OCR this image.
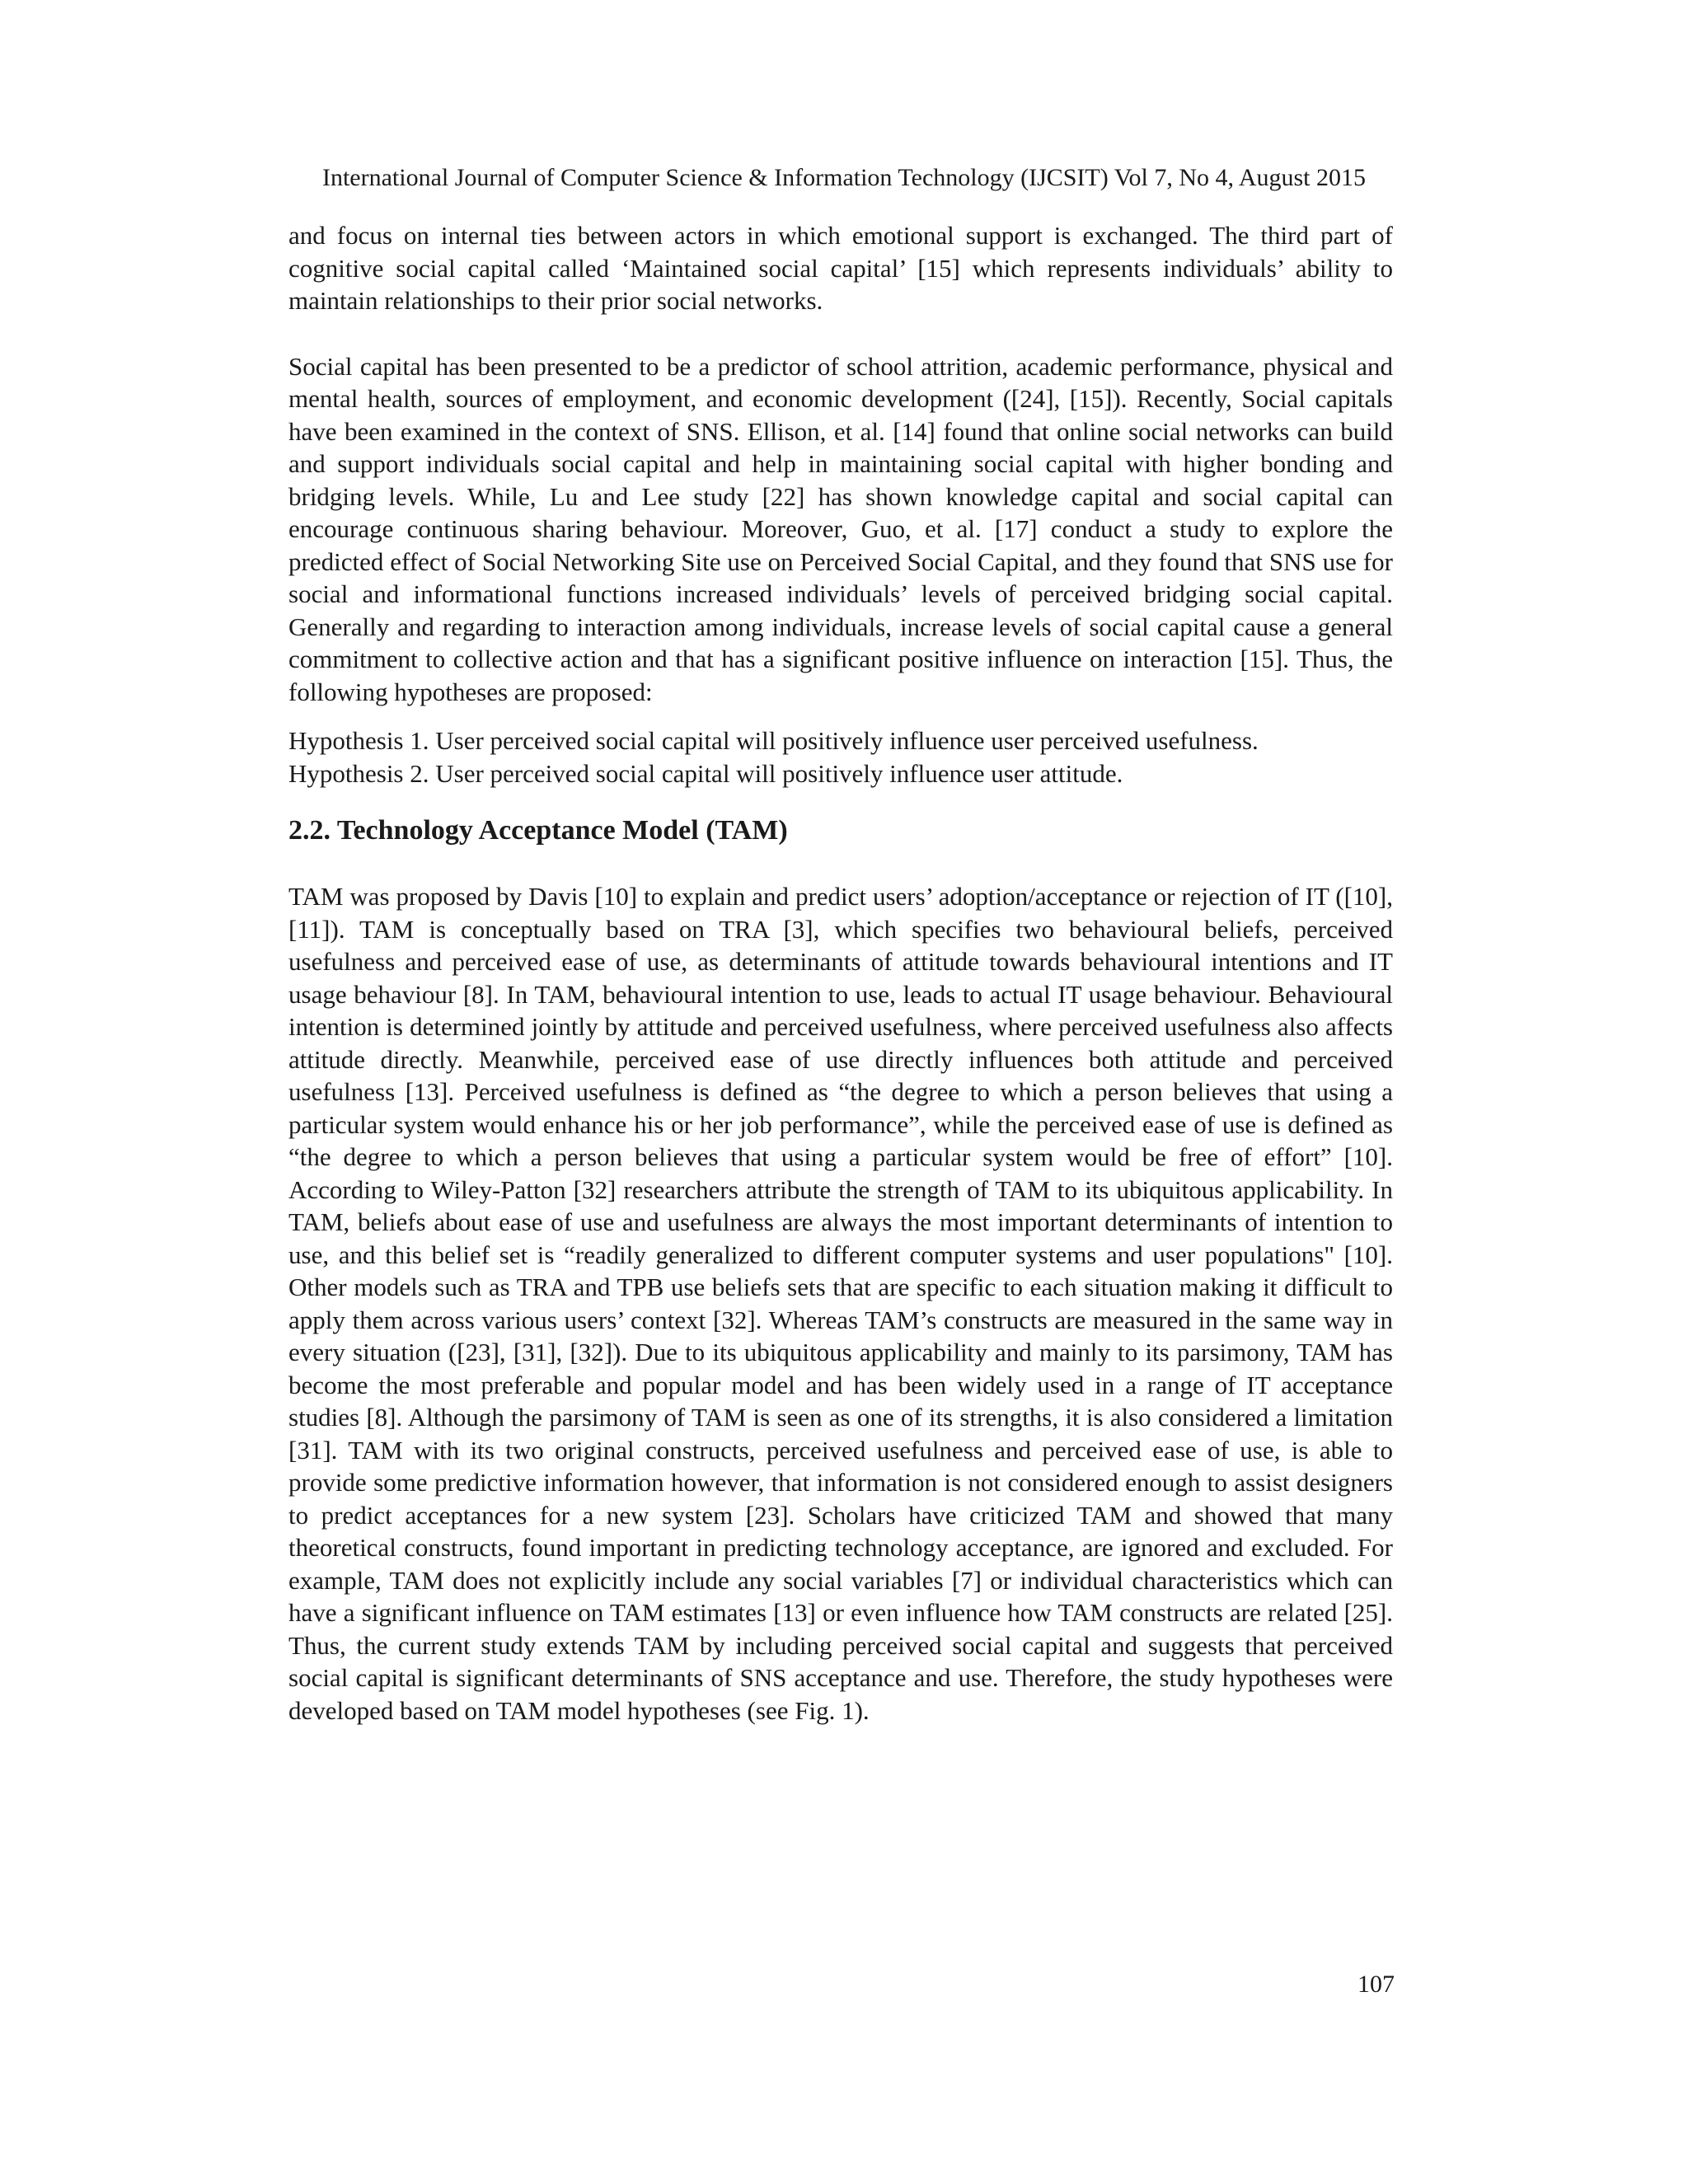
International Journal of Computer Science & Information Technology (IJCSIT) Vol 7, No 4, August 2015

and focus on internal ties between actors in which emotional support is exchanged. The third part of cognitive social capital called ‘Maintained social capital’ [15] which represents individuals’ ability to maintain relationships to their prior social networks.

Social capital has been presented to be a predictor of school attrition, academic performance, physical and mental health, sources of employment, and economic development ([24], [15]). Recently, Social capitals have been examined in the context of SNS. Ellison, et al. [14] found that online social networks can build and support individuals social capital and help in maintaining social capital with higher bonding and bridging levels. While, Lu and Lee study [22] has shown knowledge capital and social capital can encourage continuous sharing behaviour. Moreover, Guo, et al. [17] conduct a study to explore the predicted effect of Social Networking Site use on Perceived Social Capital, and they found that SNS use for social and informational functions increased individuals’ levels of perceived bridging social capital. Generally and regarding to interaction among individuals, increase levels of social capital cause a general commitment to collective action and that has a significant positive influence on interaction [15]. Thus, the following hypotheses are proposed:

Hypothesis 1. User perceived social capital will positively influence user perceived usefulness.

Hypothesis 2. User perceived social capital will positively influence user attitude.

2.2. Technology Acceptance Model (TAM)

TAM was proposed by Davis [10] to explain and predict users’ adoption/acceptance or rejection of IT ([10], [11]). TAM is conceptually based on TRA [3], which specifies two behavioural beliefs, perceived usefulness and perceived ease of use, as determinants of attitude towards behavioural intentions and IT usage behaviour [8]. In TAM, behavioural intention to use, leads to actual IT usage behaviour. Behavioural intention is determined jointly by attitude and perceived usefulness, where perceived usefulness also affects attitude directly. Meanwhile, perceived ease of use directly influences both attitude and perceived usefulness [13]. Perceived usefulness is defined as “the degree to which a person believes that using a particular system would enhance his or her job performance”, while the perceived ease of use is defined as “the degree to which a person believes that using a particular system would be free of effort” [10]. According to Wiley-Patton [32] researchers attribute the strength of TAM to its ubiquitous applicability. In TAM, beliefs about ease of use and usefulness are always the most important determinants of intention to use, and this belief set is “readily generalized to different computer systems and user populations" [10]. Other models such as TRA and TPB use beliefs sets that are specific to each situation making it difficult to apply them across various users’ context [32]. Whereas TAM’s constructs are measured in the same way in every situation ([23], [31], [32]). Due to its ubiquitous applicability and mainly to its parsimony, TAM has become the most preferable and popular model and has been widely used in a range of IT acceptance studies [8]. Although the parsimony of TAM is seen as one of its strengths, it is also considered a limitation [31]. TAM with its two original constructs, perceived usefulness and perceived ease of use, is able to provide some predictive information however, that information is not considered enough to assist designers to predict acceptances for a new system [23]. Scholars have criticized TAM and showed that many theoretical constructs, found important in predicting technology acceptance, are ignored and excluded. For example, TAM does not explicitly include any social variables [7] or individual characteristics which can have a significant influence on TAM estimates [13] or even influence how TAM constructs are related [25]. Thus, the current study extends TAM by including perceived social capital and suggests that perceived social capital is significant determinants of SNS acceptance and use. Therefore, the study hypotheses were developed based on TAM model hypotheses (see Fig. 1).

107
